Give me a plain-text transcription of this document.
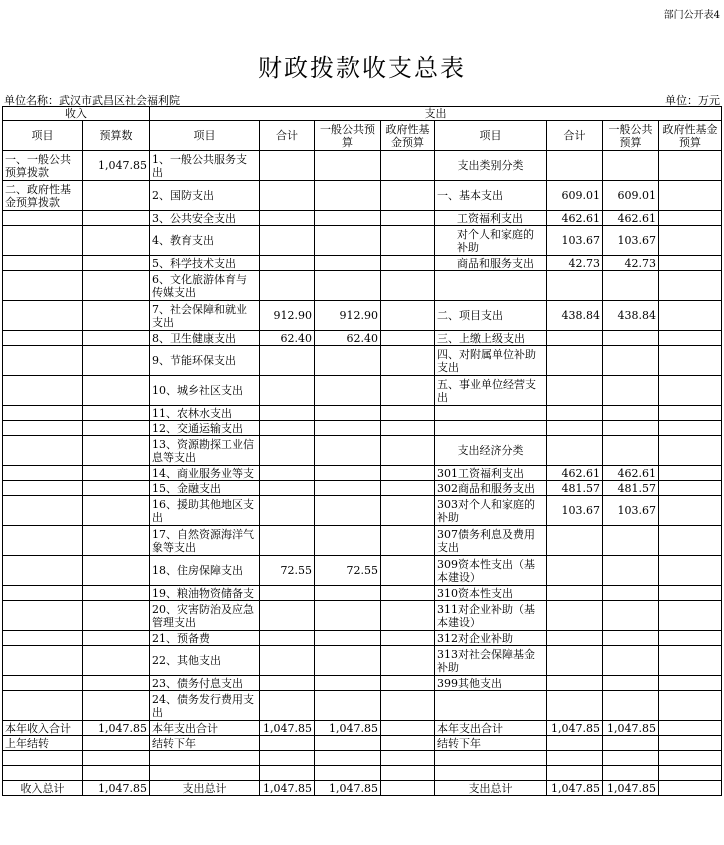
部门公开表4
财政拨款收支总表
单位名称：武汉市武昌区社会福利院	单位：万元
收入		支出							
项目	预算数	项目	合计	一般公共预算	政府性基金预算	项目	合计	一般公共预算	政府性基金预算
一、一般公共预算拨款	1,047.85	1、一般公共服务支出				支出类别分类			
二、政府性基金预算拨款		2、国防支出				一、基本支出	609.01	609.01	
		3、公共安全支出				工资福利支出	462.61	462.61	
		4、教育支出				对个人和家庭的补助	103.67	103.67	
		5、科学技术支出				商品和服务支出	42.73	42.73	
		6、文化旅游体育与传媒支出							
		7、社会保障和就业支出	912.90	912.90		二、项目支出	438.84	438.84	
		8、卫生健康支出	62.40	62.40		三、上缴上级支出			
		9、节能环保支出				四、对附属单位补助支出			
		10、城乡社区支出				五、事业单位经营支出			
		11、农林水支出							
		12、交通运输支出							
		13、资源勘探工业信息等支出				支出经济分类			
		14、商业服务业等支				301工资福利支出	462.61	462.61	
		15、金融支出				302商品和服务支出	481.57	481.57	
		16、援助其他地区支出				303对个人和家庭的补助	103.67	103.67	
		17、自然资源海洋气象等支出				307债务利息及费用支出			
		18、住房保障支出	72.55	72.55		309资本性支出（基本建设）			
		19、粮油物资储备支				310资本性支出			
		20、灾害防治及应急管理支出				311对企业补助（基本建设）			
		21、预备费				312对企业补助			
		22、其他支出				313对社会保障基金补助			
		23、债务付息支出				399其他支出			
		24、债务发行费用支出							
本年收入合计	1,047.85	本年支出合计	1,047.85	1,047.85		本年支出合计	1,047.85	1,047.85	
上年结转		结转下年				结转下年			

收入总计	1,047.85	支出总计	1,047.85	1,047.85		支出总计	1,047.85	1,047.85	
